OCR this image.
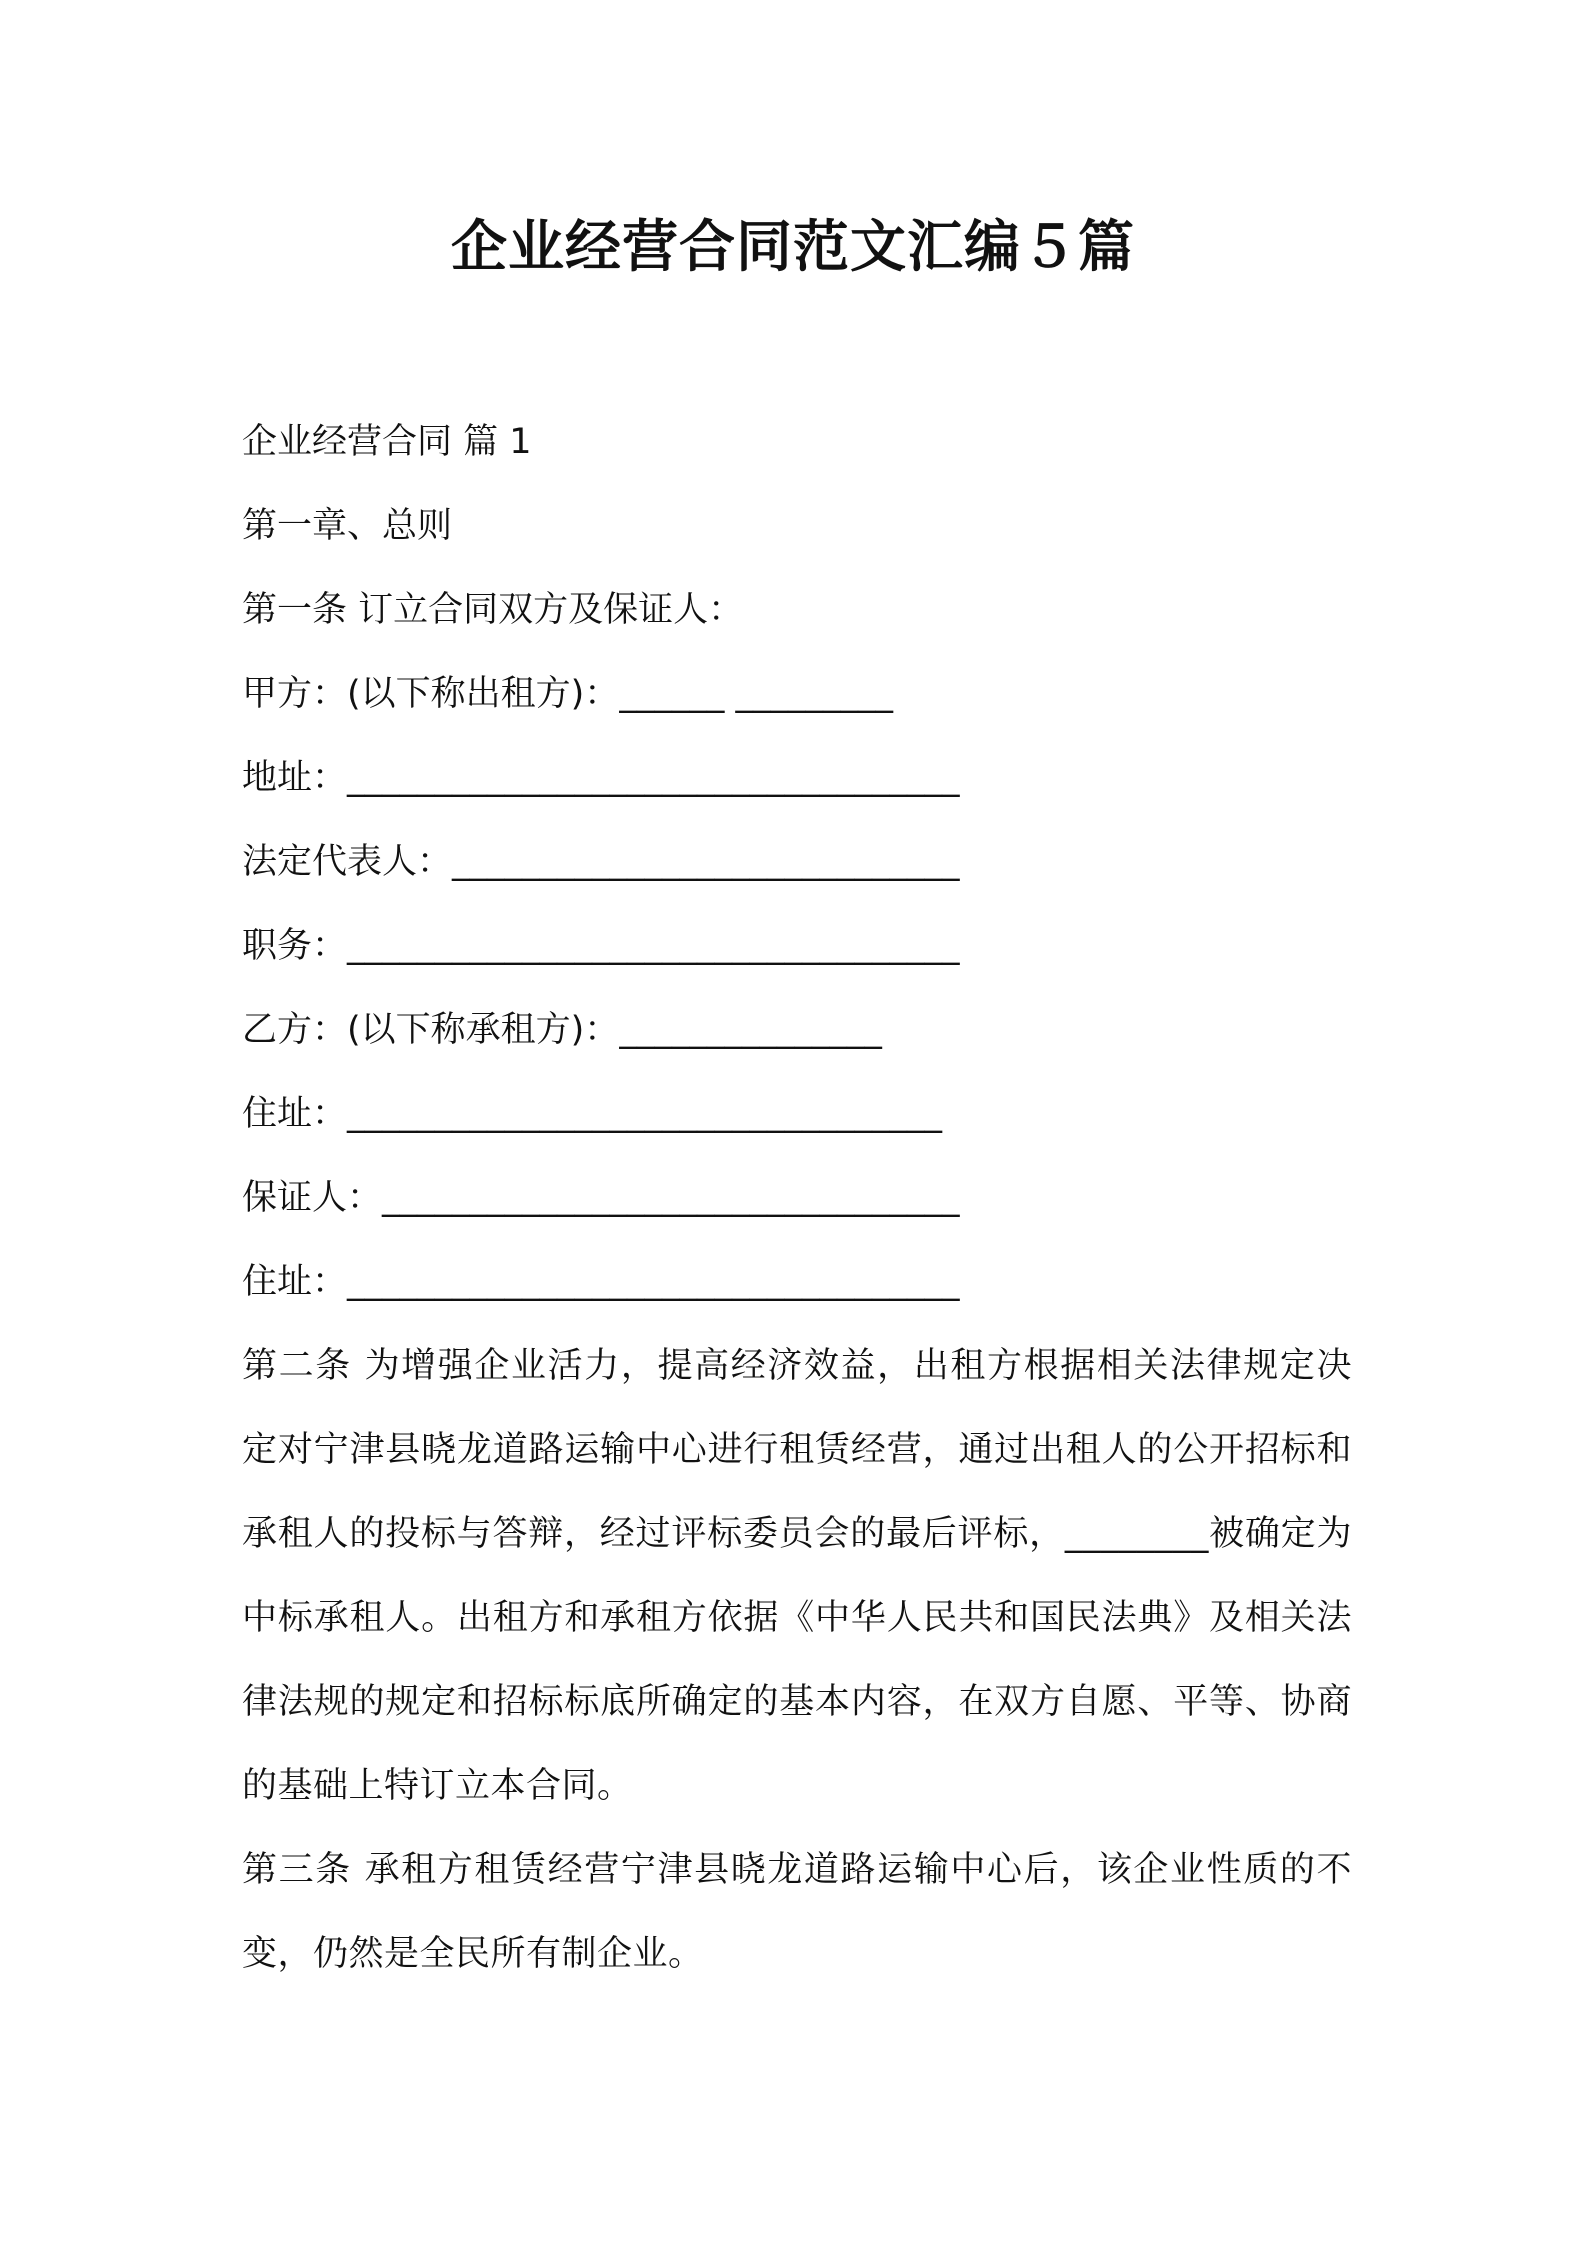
企业经营合同范文汇编５篇
企业经营合同 篇 1
第一章、总则
第一条 订立合同双方及保证人：
甲方：(以下称出租方)：______ _________
地址：___________________________________
法定代表人：_____________________________
职务：___________________________________
乙方：(以下称承租方)：_______________
住址：__________________________________
保证人：_________________________________
住址：___________________________________
第二条 为增强企业活力，提高经济效益，出租方根据相关法律规定决定对宁津县晓龙道路运输中心进行租赁经营，通过出租人的公开招标和承租人的投标与答辩，经过评标委员会的最后评标，________被确定为中标承租人。出租方和承租方依据《中华人民共和国民法典》及相关法律法规的规定和招标标底所确定的基本内容，在双方自愿、平等、协商的基础上特订立本合同。
第三条 承租方租赁经营宁津县晓龙道路运输中心后，该企业性质的不变，仍然是全民所有制企业。
